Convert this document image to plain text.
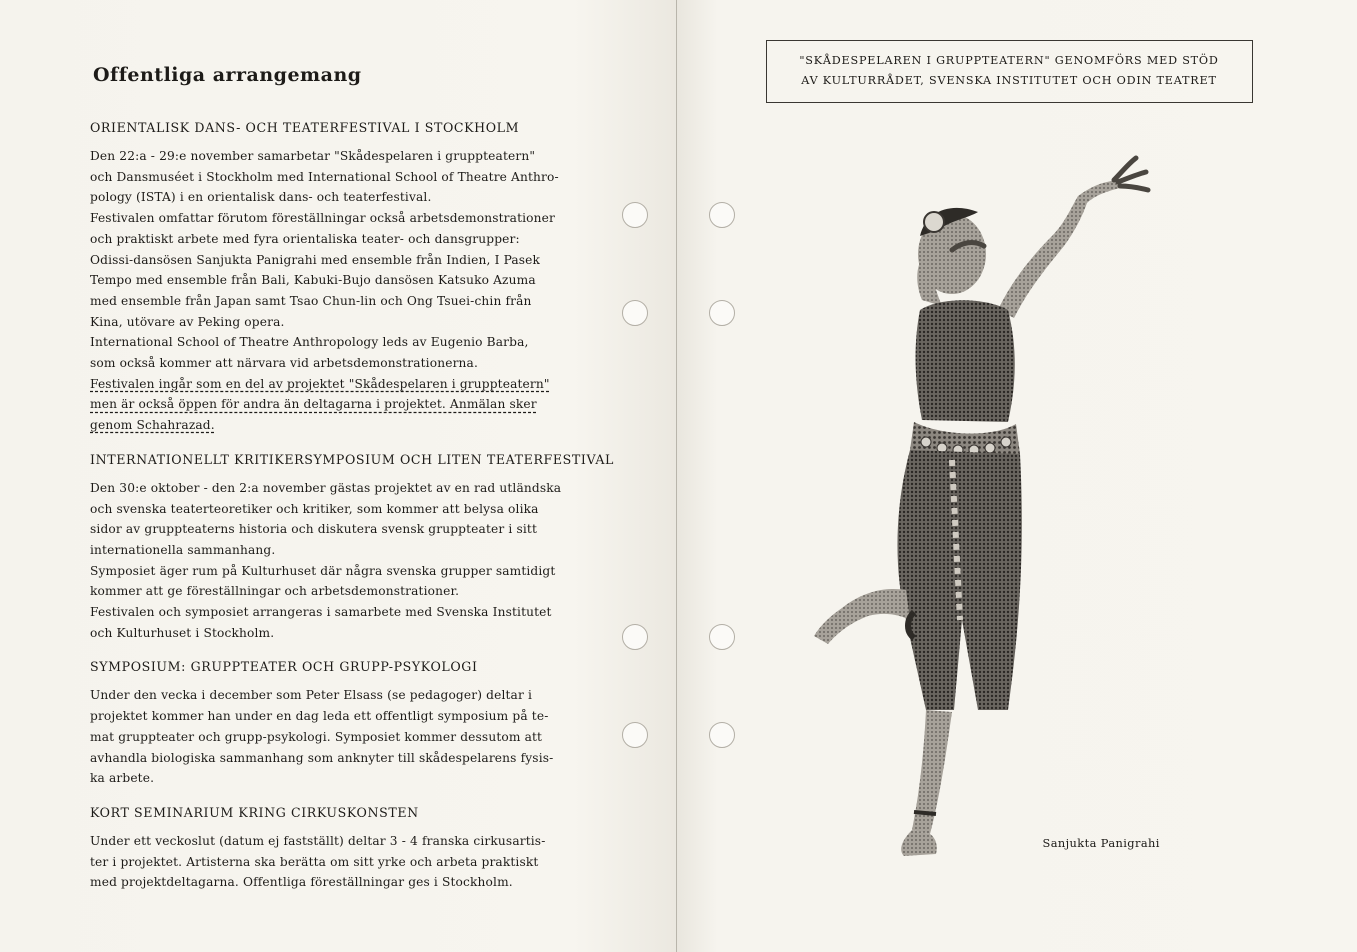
Offentliga arrangemang
ORIENTALISK DANS- OCH TEATERFESTIVAL I STOCKHOLM

Den 22:a - 29:e november samarbetar "Skådespelaren i gruppteatern"
och Dansmuséet i Stockholm med International School of Theatre Anthro-
pology (ISTA) i en orientalisk dans- och teaterfestival.
Festivalen omfattar förutom föreställningar också arbetsdemonstrationer
och praktiskt arbete med fyra orientaliska teater- och dansgrupper:
Odissi-dansösen Sanjukta Panigrahi med ensemble från Indien, I Pasek
Tempo med ensemble från Bali, Kabuki-Bujo dansösen Katsuko Azuma
med ensemble från Japan samt Tsao Chun-lin och Ong Tsuei-chin från
Kina, utövare av Peking opera.
International School of Theatre Anthropology leds av Eugenio Barba,
som också kommer att närvara vid arbetsdemonstrationerna.
Festivalen ingår som en del av projektet "Skådespelaren i gruppteatern"
men är också öppen för andra än deltagarna i projektet. Anmälan sker
genom Schahrazad.

INTERNATIONELLT KRITIKERSYMPOSIUM OCH LITEN TEATERFESTIVAL

Den 30:e oktober - den 2:a november gästas projektet av en rad utländska
och svenska teaterteoretiker och kritiker, som kommer att belysa olika
sidor av gruppteaterns historia och diskutera svensk gruppteater i sitt
internationella sammanhang.
Symposiet äger rum på Kulturhuset där några svenska grupper samtidigt
kommer att ge föreställningar och arbetsdemonstrationer.
Festivalen och symposiet arrangeras i samarbete med Svenska Institutet
och Kulturhuset i Stockholm.

SYMPOSIUM: GRUPPTEATER OCH GRUPP-PSYKOLOGI

Under den vecka i december som Peter Elsass (se pedagoger) deltar i
projektet kommer han under en dag leda ett offentligt symposium på te-
mat gruppteater och grupp-psykologi. Symposiet kommer dessutom att
avhandla biologiska sammanhang som anknyter till skådespelarens fysis-
ka arbete.

KORT SEMINARIUM KRING CIRKUSKONSTEN

Under ett veckoslut (datum ej fastställt) deltar 3 - 4 franska cirkusartis-
ter i projektet. Artisterna ska berätta om sitt yrke och arbeta praktiskt
med projektdeltagarna. Offentliga föreställningar ges i Stockholm.

"SKÅDESPELAREN I GRUPPTEATERN" GENOMFÖRS MED STÖD

AV KULTURRÅDET, SVENSKA INSTITUTET OCH ODIN TEATRET

Sanjukta Panigrahi
